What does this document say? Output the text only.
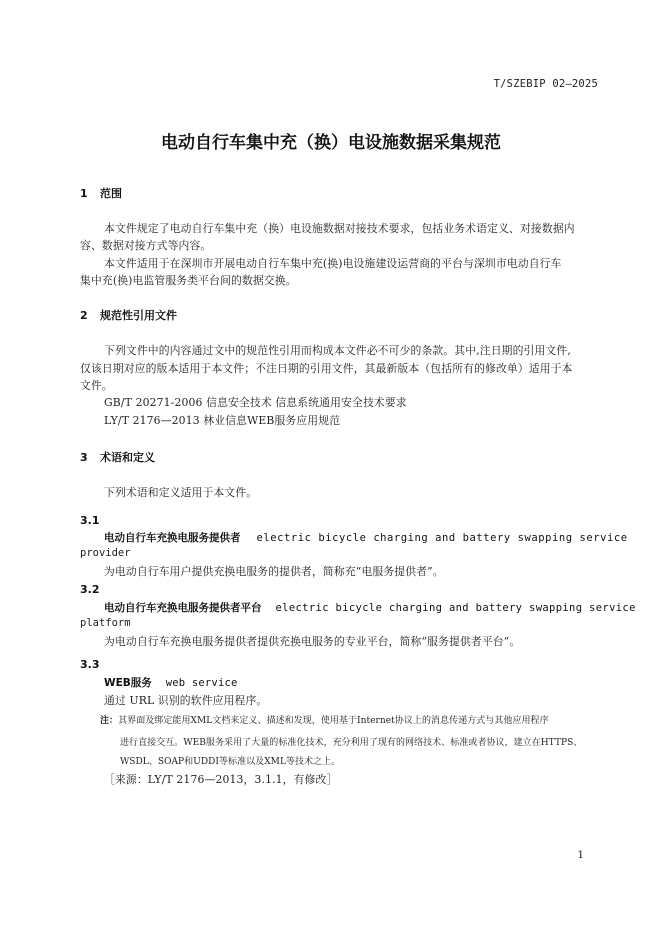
T/SZEBIP 02—2025
电动自行车集中充（换）电设施数据采集规范
1 范围
本文件规定了电动自行车集中充（换）电设施数据对接技术要求，包括业务术语定义、对接数据内
容、数据对接方式等内容。
本文件适用于在深圳市开展电动自行车集中充(换)电设施建设运营商的平台与深圳市电动自行车
集中充(换)电监管服务类平台间的数据交换。
2 规范性引用文件
下列文件中的内容通过文中的规范性引用而构成本文件必不可少的条款。其中,注日期的引用文件,
仅该日期对应的版本适用于本文件；不注日期的引用文件，其最新版本（包括所有的修改单）适用于本
文件。
GB/T 20271-2006 信息安全技术 信息系统通用安全技术要求
LY/T 2176—2013 林业信息WEB服务应用规范
3 术语和定义
下列术语和定义适用于本文件。
3.1
电动自行车充换电服务提供者 electric bicycle charging and battery swapping service
provider
为电动自行车用户提供充换电服务的提供者，简称充“电服务提供者”。
3.2
电动自行车充换电服务提供者平台 electric bicycle charging and battery swapping service
platform
为电动自行车充换电服务提供者提供充换电服务的专业平台，简称“服务提供者平台”。
3.3
WEB服务 web service
通过 URL 识别的软件应用程序。
注：其界面及绑定能用XML文档来定义、描述和发现，使用基于Internet协议上的消息传递方式与其他应用程序
进行直接交互。WEB服务采用了大量的标准化技术，充分利用了现有的网络技术、标准或者协议，建立在HTTPS、
WSDL、SOAP和UDDI等标准以及XML等技术之上。
［来源：LY/T 2176—2013，3.1.1，有修改］
1
